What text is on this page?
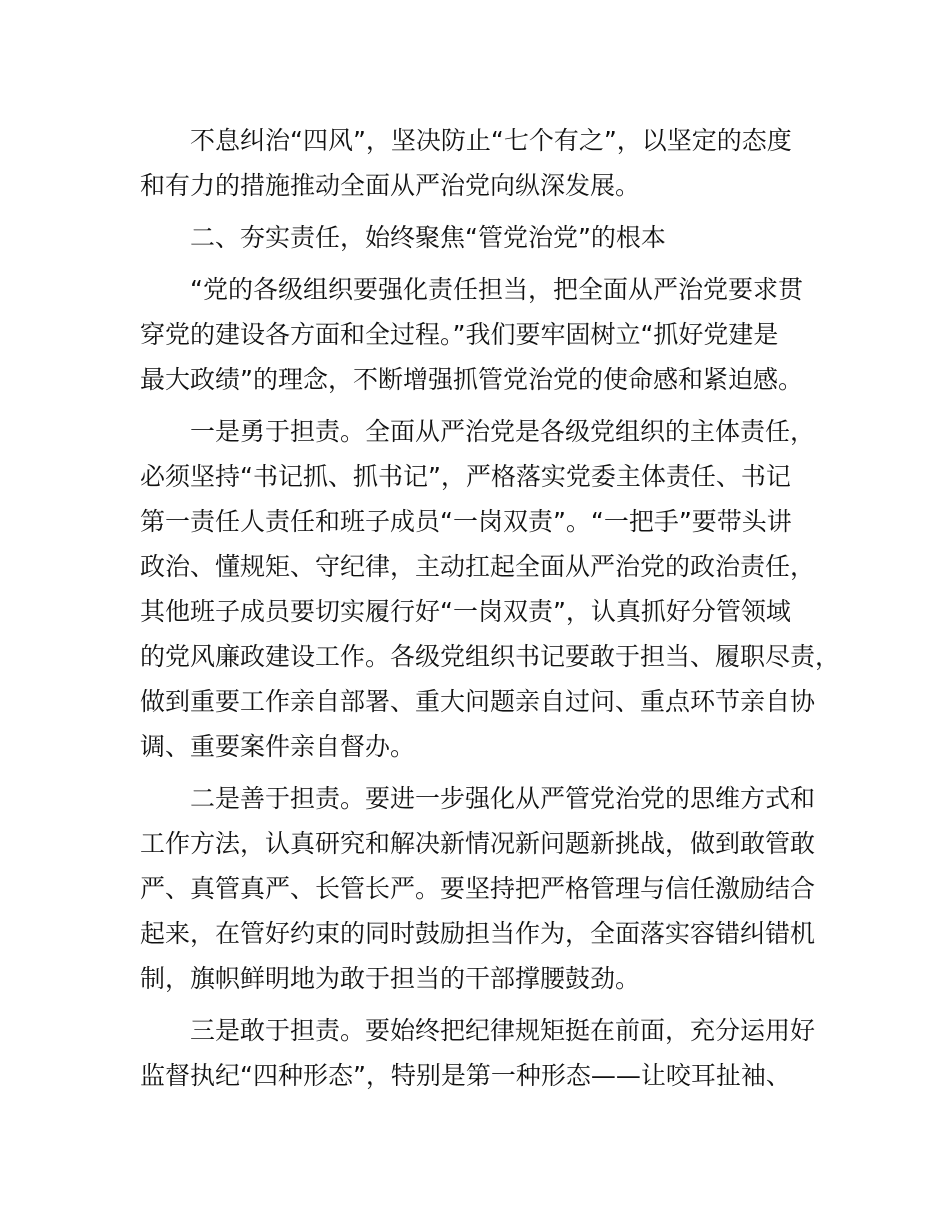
不息纠治“四风”，坚决防止“七个有之”，以坚定的态度
和有力的措施推动全面从严治党向纵深发展。
二、夯实责任，始终聚焦“管党治党”的根本
“党的各级组织要强化责任担当，把全面从严治党要求贯
穿党的建设各方面和全过程。”我们要牢固树立“抓好党建是
最大政绩”的理念，不断增强抓管党治党的使命感和紧迫感。
一是勇于担责。全面从严治党是各级党组织的主体责任，
必须坚持“书记抓、抓书记”，严格落实党委主体责任、书记
第一责任人责任和班子成员“一岗双责”。“一把手”要带头讲
政治、懂规矩、守纪律，主动扛起全面从严治党的政治责任，
其他班子成员要切实履行好“一岗双责”，认真抓好分管领域
的党风廉政建设工作。各级党组织书记要敢于担当、履职尽责，
做到重要工作亲自部署、重大问题亲自过问、重点环节亲自协
调、重要案件亲自督办。
二是善于担责。要进一步强化从严管党治党的思维方式和
工作方法，认真研究和解决新情况新问题新挑战，做到敢管敢
严、真管真严、长管长严。要坚持把严格管理与信任激励结合
起来，在管好约束的同时鼓励担当作为，全面落实容错纠错机
制，旗帜鲜明地为敢于担当的干部撑腰鼓劲。
三是敢于担责。要始终把纪律规矩挺在前面，充分运用好
监督执纪“四种形态”，特别是第一种形态——让咬耳扯袖、
